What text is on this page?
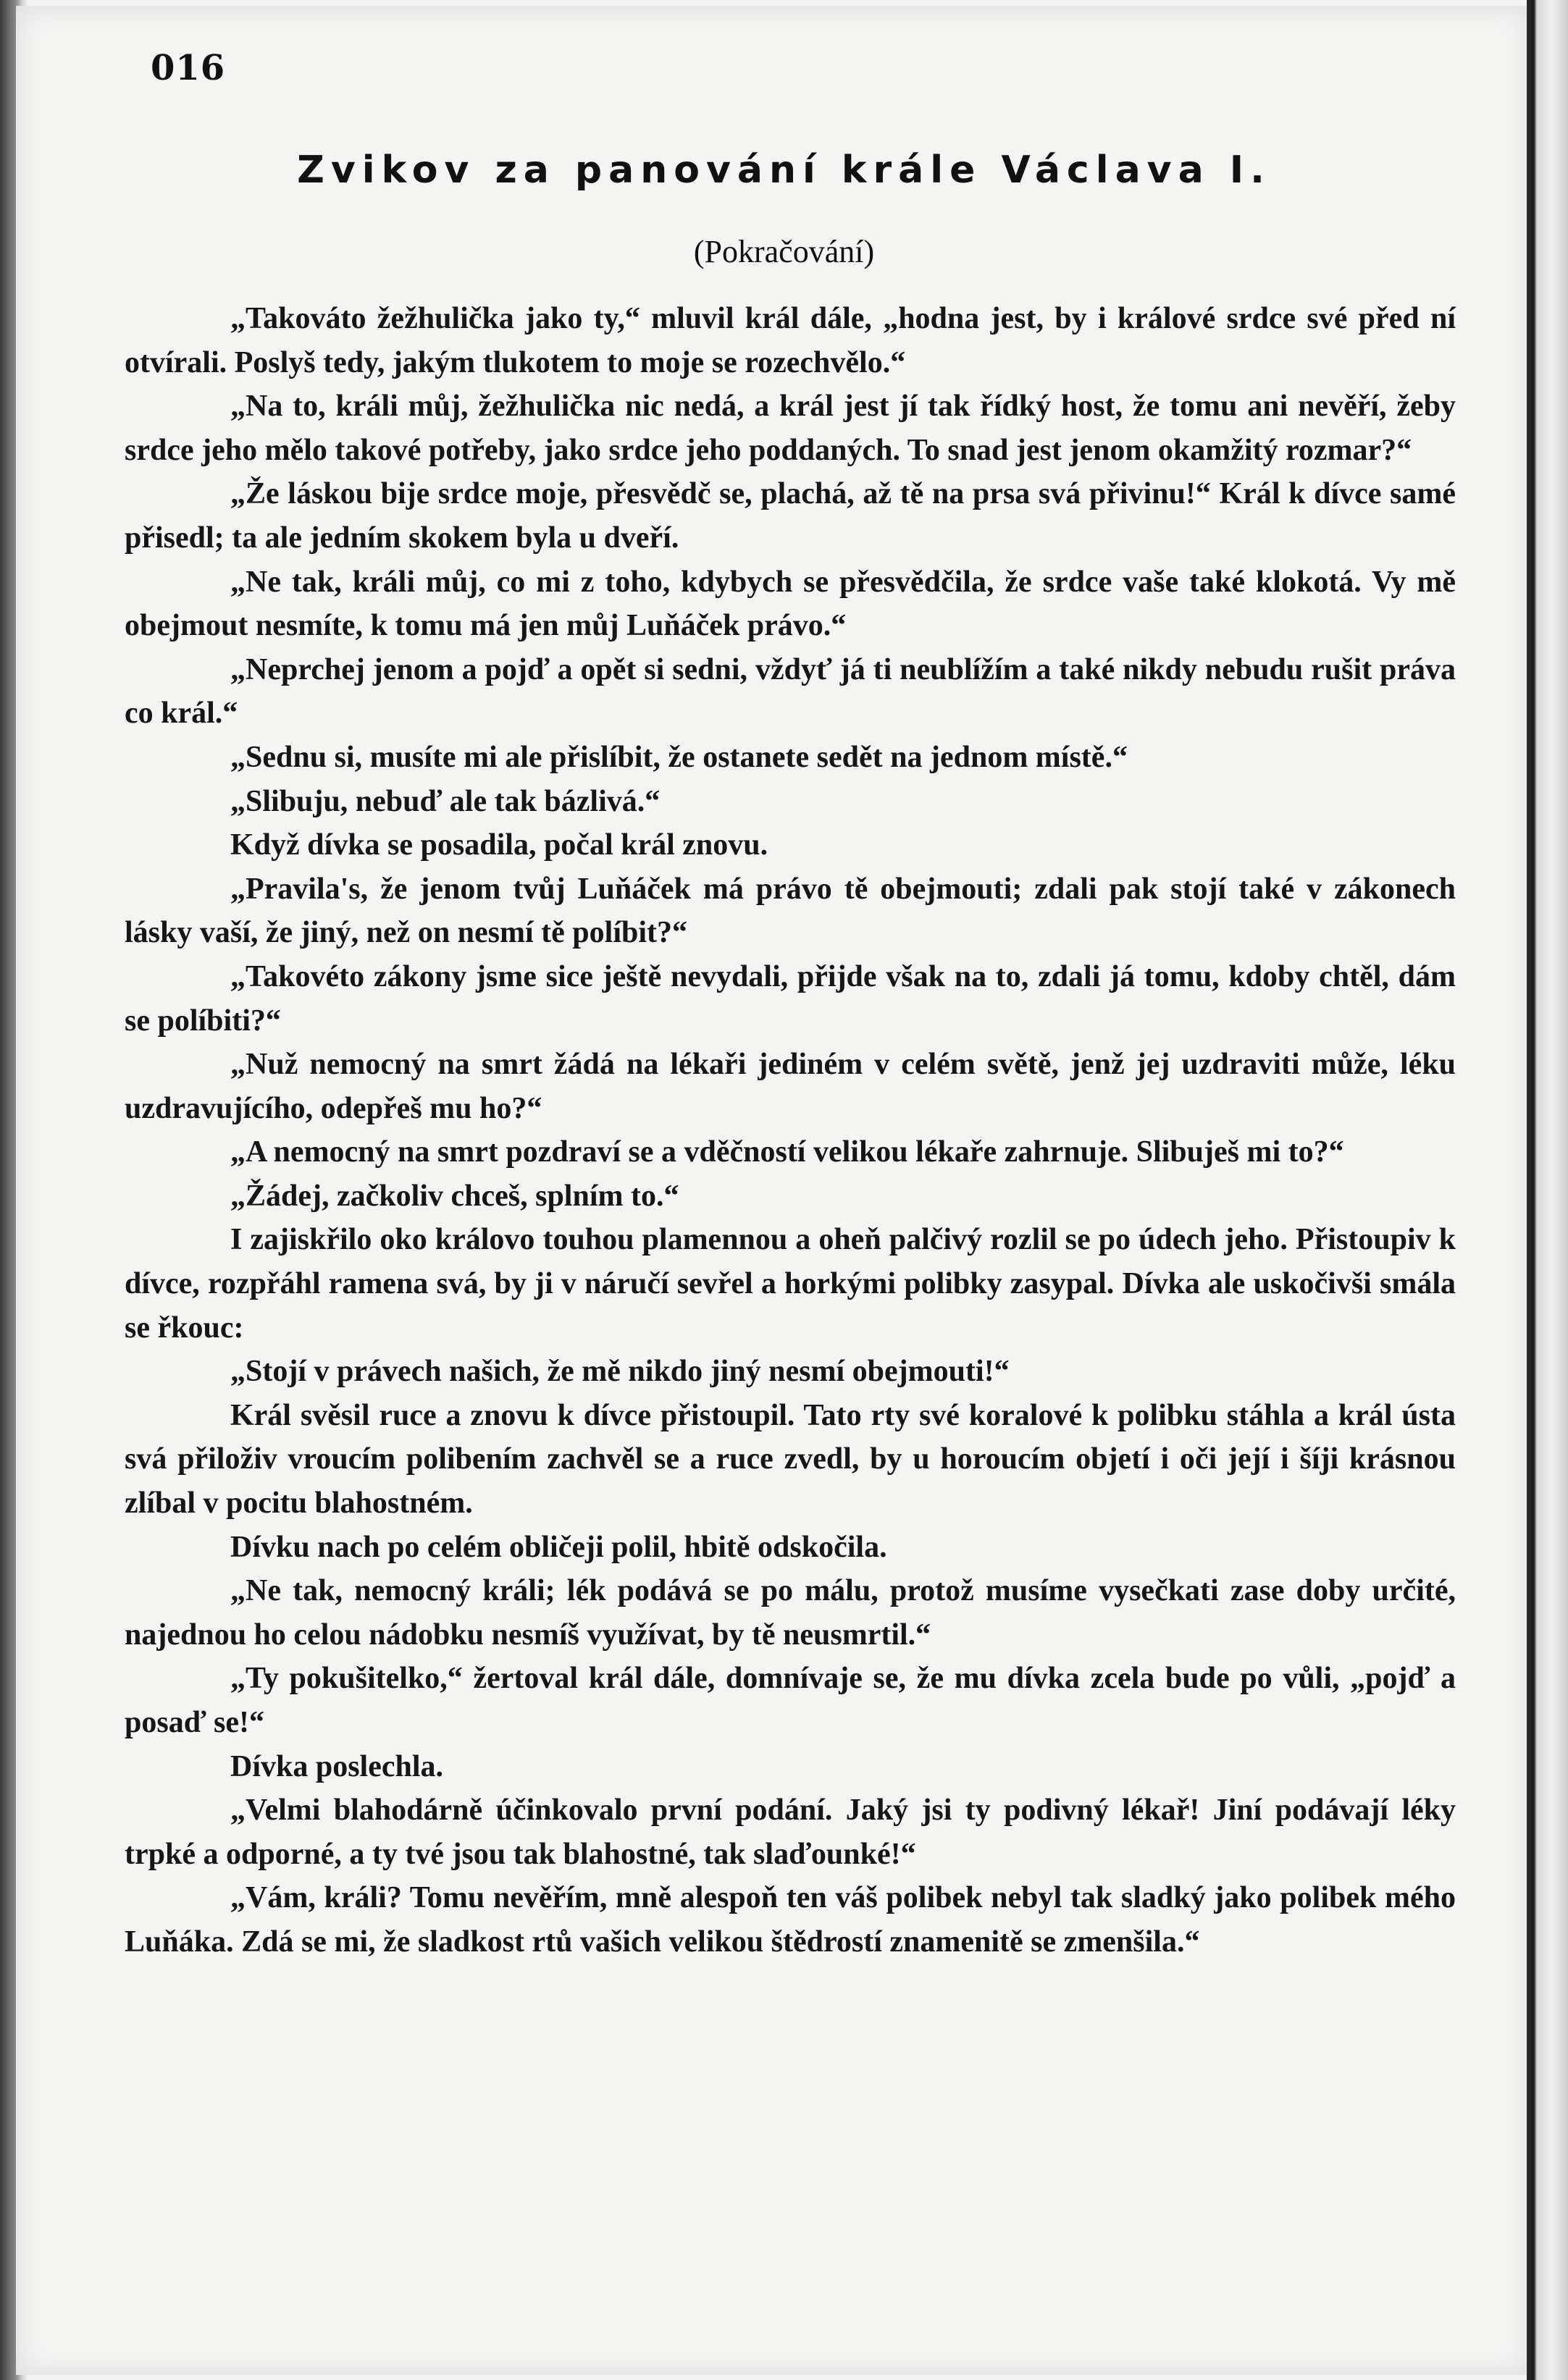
016
Zvikov za panování krále Václava I.
(Pokračování)

„Takováto žežhulička jako ty,“ mluvil král dále, „hodna jest, by i králové srdce své před ní otvírali. Poslyš tedy, jakým tlukotem to moje se rozechvělo.“

„Na to, králi můj, žežhulička nic nedá, a král jest jí tak řídký host, že tomu ani nevěří, žeby srdce jeho mělo takové potřeby, jako srdce jeho poddaných. To snad jest jenom okamžitý rozmar?“

„Že láskou bije srdce moje, přesvědč se, plachá, až tě na prsa svá přivinu!“ Král k dívce samé přisedl; ta ale jedním skokem byla u dveří.

„Ne tak, králi můj, co mi z toho, kdybych se přesvědčila, že srdce vaše také klokotá. Vy mě obejmout nesmíte, k tomu má jen můj Luňáček právo.“

„Neprchej jenom a pojď a opět si sedni, vždyť já ti neublížím a také nikdy nebudu rušit práva co král.“

„Sednu si, musíte mi ale přislíbit, že ostanete sedět na jednom místě.“

„Slibuju, nebuď ale tak bázlivá.“

Když dívka se posadila, počal král znovu.

„Pravila's, že jenom tvůj Luňáček má právo tě obejmouti; zdali pak stojí také v zákonech lásky vaší, že jiný, než on nesmí tě políbit?“

„Takovéto zákony jsme sice ještě nevydali, přijde však na to, zdali já tomu, kdoby chtěl, dám se políbiti?“

„Nuž nemocný na smrt žádá na lékaři jediném v celém světě, jenž jej uzdraviti může, léku uzdravujícího, odepřeš mu ho?“

„A nemocný na smrt pozdraví se a vděčností velikou lékaře zahrnuje. Slibuješ mi to?“

„Žádej, začkoliv chceš, splním to.“

I zajiskřilo oko královo touhou plamennou a oheň palčivý rozlil se po údech jeho. Přistoupiv k dívce, rozpřáhl ramena svá, by ji v náručí sevřel a horkými polibky zasypal. Dívka ale uskočivši smála se řkouc:

„Stojí v právech našich, že mě nikdo jiný nesmí obejmouti!“

Král svěsil ruce a znovu k dívce přistoupil. Tato rty své koralové k polibku stáhla a král ústa svá přiloživ vroucím polibením zachvěl se a ruce zvedl, by u horoucím objetí i oči její i šíji krásnou zlíbal v pocitu blahostném.

Dívku nach po celém obličeji polil, hbitě odskočila.

„Ne tak, nemocný králi; lék podává se po málu, protož musíme vysečkati zase doby určité, najednou ho celou nádobku nesmíš využívat, by tě neusmrtil.“

„Ty pokušitelko,“ žertoval král dále, domnívaje se, že mu dívka zcela bude po vůli, „pojď a posaď se!“

Dívka poslechla.

„Velmi blahodárně účinkovalo první podání. Jaký jsi ty podivný lékař! Jiní podávají léky trpké a odporné, a ty tvé jsou tak blahostné, tak slaďounké!“

„Vám, králi? Tomu nevěřím, mně alespoň ten váš polibek nebyl tak sladký jako polibek mého Luňáka. Zdá se mi, že sladkost rtů vašich velikou štědrostí znamenitě se zmenšila.“
